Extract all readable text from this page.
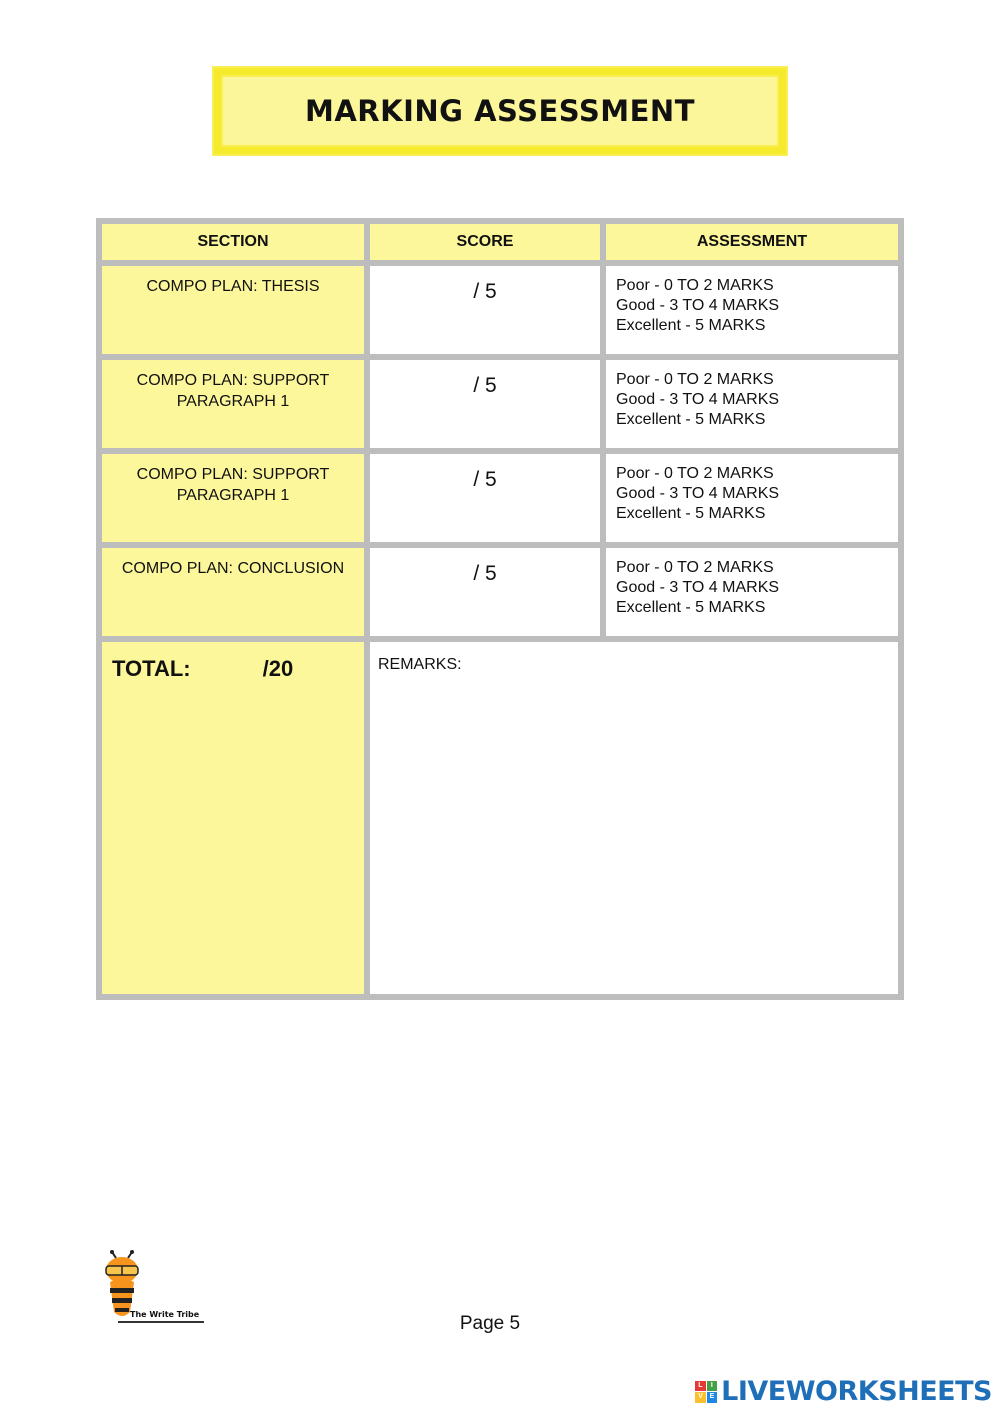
MARKING ASSESSMENT
SECTION	SCORE	ASSESSMENT
COMPO PLAN: THESIS	/ 5	Poor - 0 TO 2 MARKS
Good - 3 TO 4 MARKS
Excellent - 5 MARKS

COMPO PLAN: SUPPORT PARAGRAPH 1	/ 5	Poor - 0 TO 2 MARKS
Good - 3 TO 4 MARKS
Excellent - 5 MARKS

COMPO PLAN: SUPPORT PARAGRAPH 1	/ 5	Poor - 0 TO 2 MARKS
Good - 3 TO 4 MARKS
Excellent - 5 MARKS

COMPO PLAN: CONCLUSION	/ 5	Poor - 0 TO 2 MARKS
Good - 3 TO 4 MARKS
Excellent - 5 MARKS

TOTAL: /20	REMARKS:	
The Write Tribe	Page 5
L	I
V E LIVEWORKSHEETS
